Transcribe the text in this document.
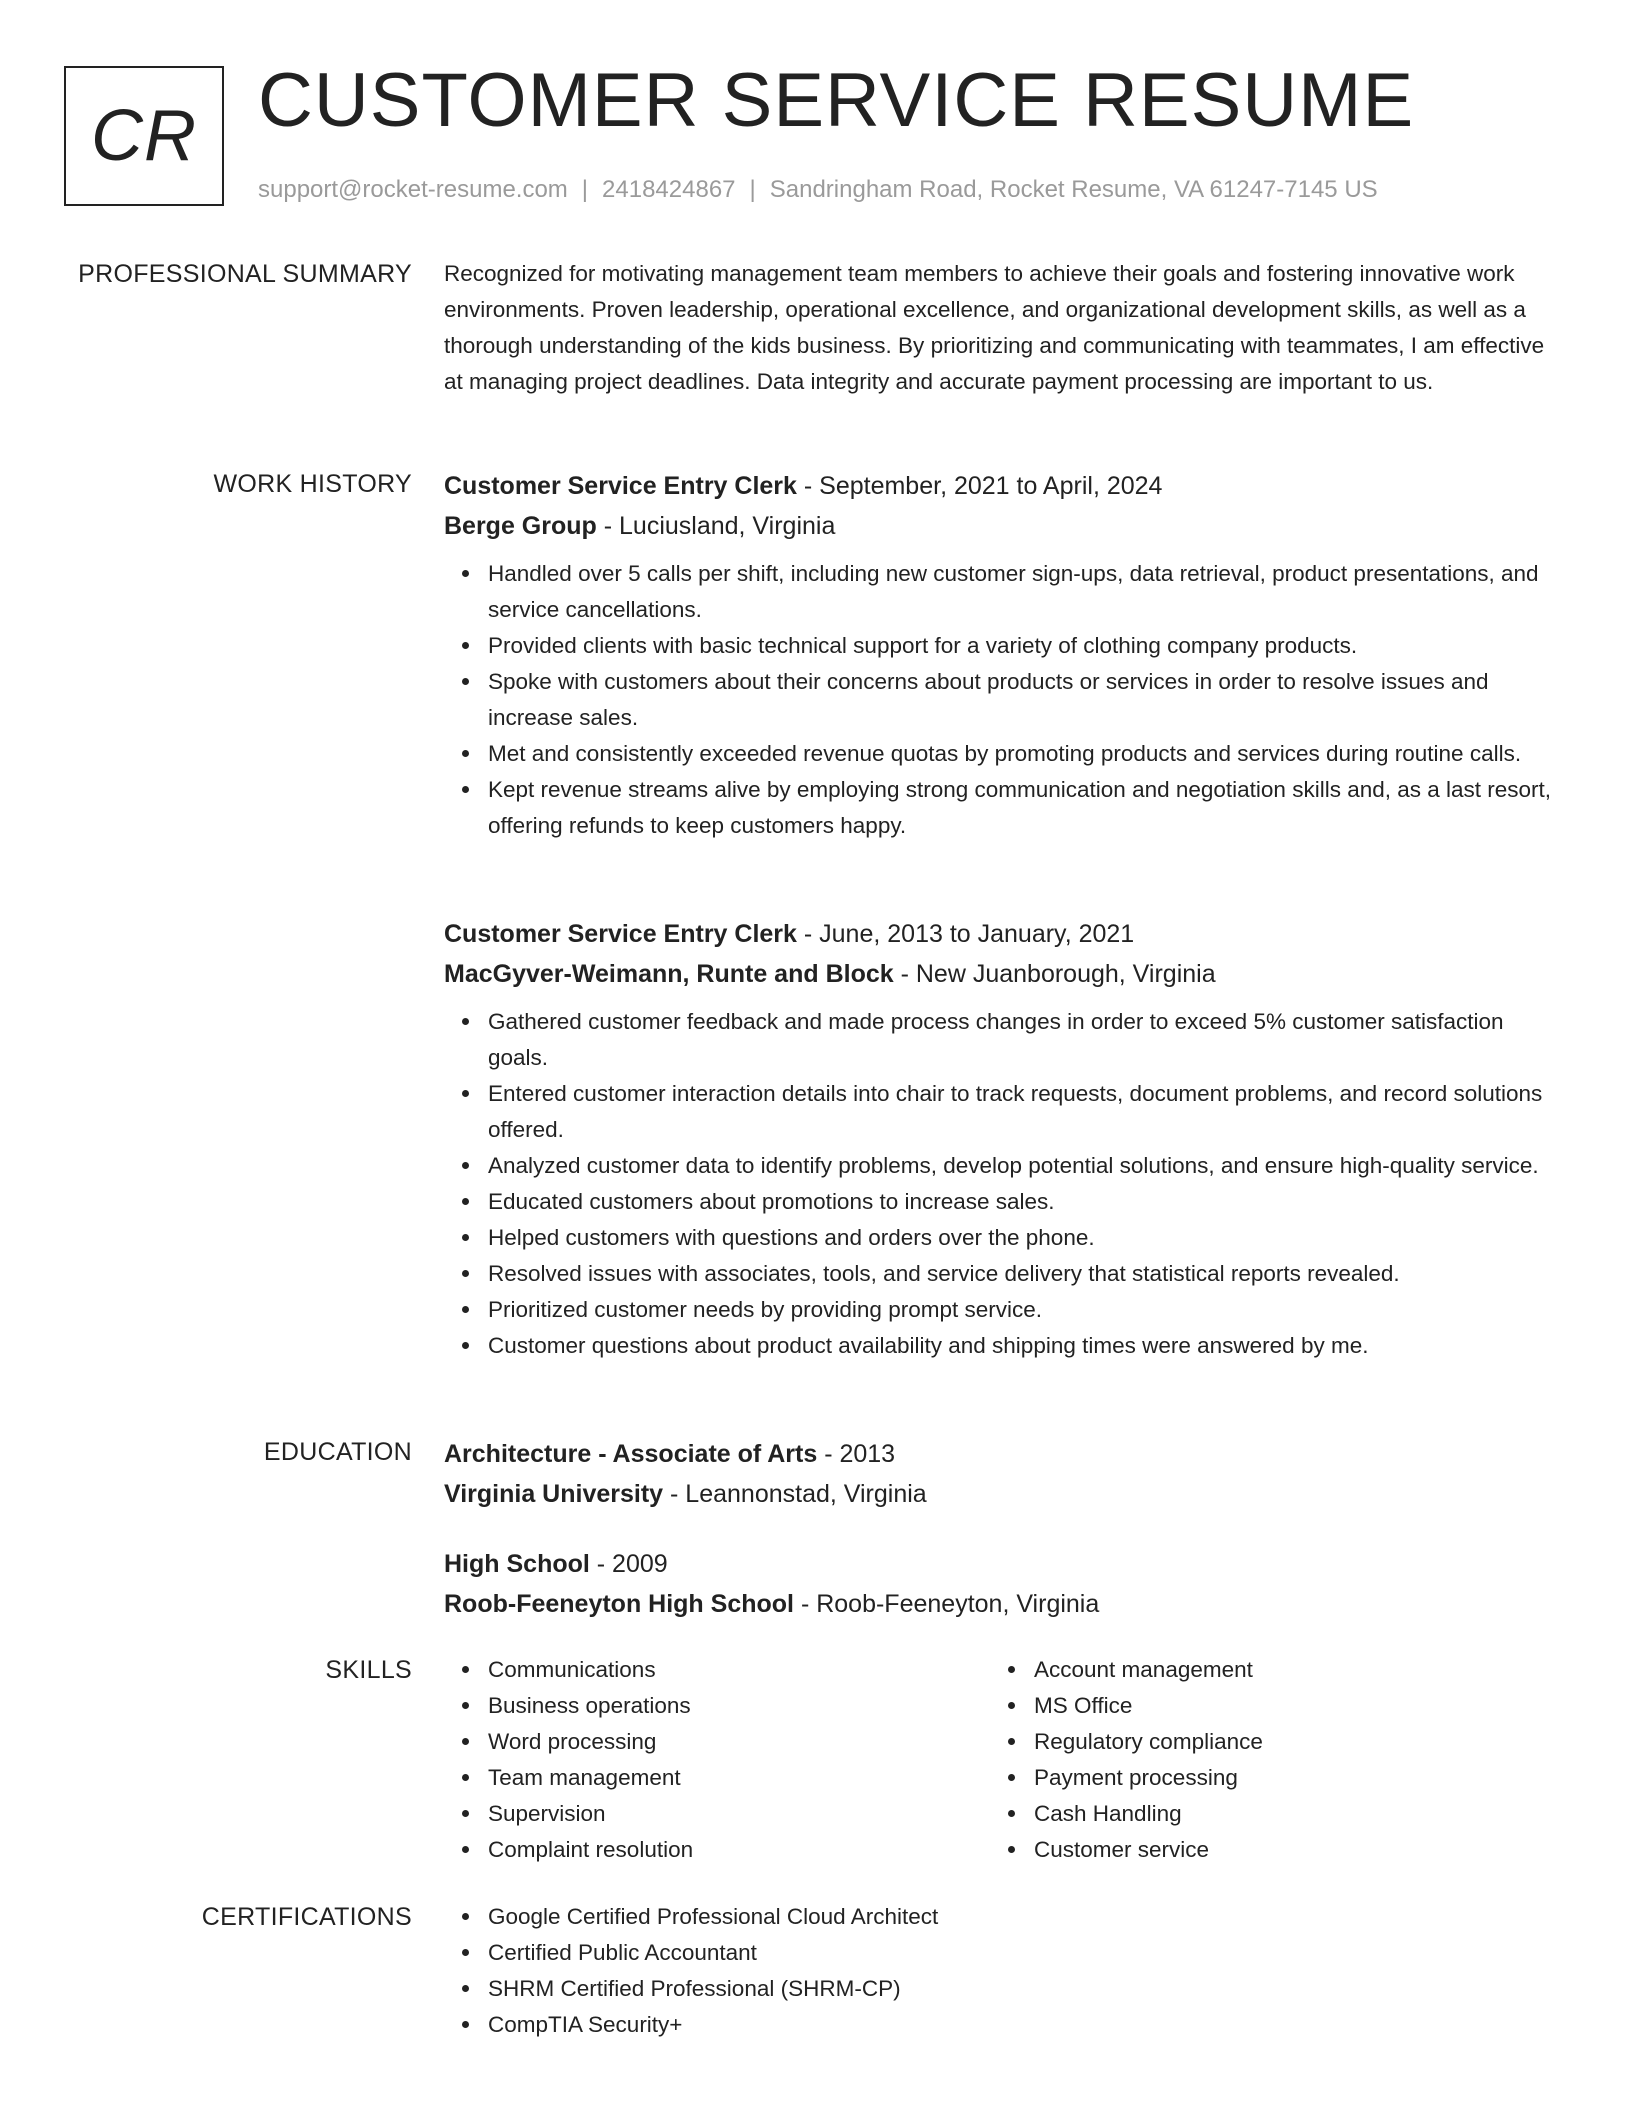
CR CUSTOMER SERVICE RESUME
support@rocket-resume.com | 2418424867 | Sandringham Road, Rocket Resume, VA 61247-7145 US
PROFESSIONAL SUMMARY Recognized for motivating management team members to achieve their goals and fostering innovative work environments. Proven leadership, operational excellence, and organizational development skills, as well as a thorough understanding of the kids business. By prioritizing and communicating with teammates, I am effective at managing project deadlines. Data integrity and accurate payment processing are important to us.

WORK HISTORY Customer Service Entry Clerk - September, 2021 to April, 2024

Berge Group - Luciusland, Virginia

Handled over 5 calls per shift, including new customer sign-ups, data retrieval, product presentations, and service cancellations.
Provided clients with basic technical support for a variety of clothing company products.
Spoke with customers about their concerns about products or services in order to resolve issues and increase sales.
Met and consistently exceeded revenue quotas by promoting products and services during routine calls.
Kept revenue streams alive by employing strong communication and negotiation skills and, as a last resort, offering refunds to keep customers happy.

Customer Service Entry Clerk - June, 2013 to January, 2021

MacGyver-Weimann, Runte and Block - New Juanborough, Virginia

Gathered customer feedback and made process changes in order to exceed 5% customer satisfaction goals.
Entered customer interaction details into chair to track requests, document problems, and record solutions offered.
Analyzed customer data to identify problems, develop potential solutions, and ensure high-quality service.
Educated customers about promotions to increase sales.
Helped customers with questions and orders over the phone.
Resolved issues with associates, tools, and service delivery that statistical reports revealed.
Prioritized customer needs by providing prompt service.
Customer questions about product availability and shipping times were answered by me.
EDUCATION Architecture - Associate of Arts - 2013

Virginia University - Leannonstad, Virginia

High School - 2009

Roob-Feeneyton High School - Roob-Feeneyton, Virginia

SKILLS	Communications
Business operations
Word processing
Team management
Supervision
Complaint resolution
Account management
MS Office
Regulatory compliance
Payment processing
Cash Handling
Customer service
CERTIFICATIONS	Google Certified Professional Cloud Architect
Certified Public Accountant
SHRM Certified Professional (SHRM-CP)
CompTIA Security+
